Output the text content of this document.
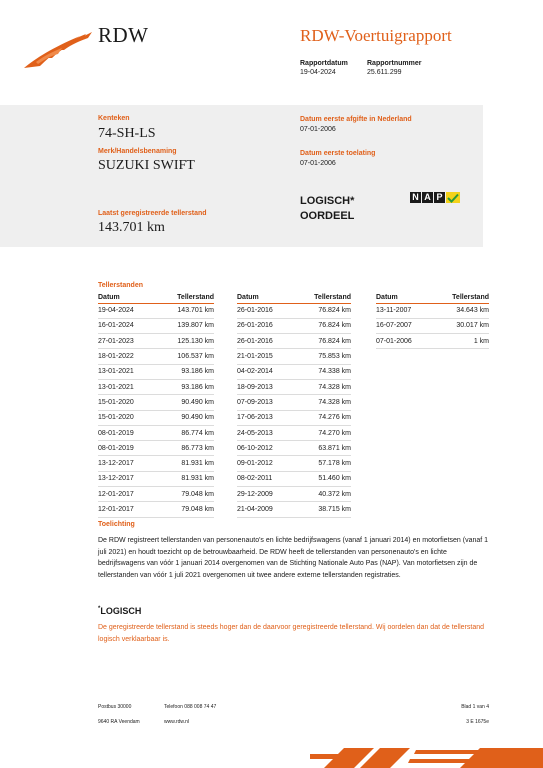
RDW	RDW-Voertuigrapport
Rapportdatum
19-04-2024
Rapportnummer
25.611.299
Kenteken
74-SH-LS
Merk/Handelsbenaming
SUZUKI SWIFT
Laatst geregistreerde tellerstand
143.701 km
Datum eerste afgifte in Nederland
07-01-2006
Datum eerste toelating
07-01-2006
LOGISCH*
OORDEEL
N A P
Tellerstanden
Datum	Tellerstand
19-04-2024	143.701 km
16-01-2024	139.807 km
27-01-2023	125.130 km
18-01-2022	106.537 km
13-01-2021	93.186 km
13-01-2021	93.186 km
15-01-2020	90.490 km
15-01-2020	90.490 km
08-01-2019	86.774 km
08-01-2019	86.773 km
13-12-2017	81.931 km
13-12-2017	81.931 km
12-01-2017	79.048 km
12-01-2017	79.048 km
Datum	Tellerstand
26-01-2016	76.824 km
26-01-2016	76.824 km
26-01-2016	76.824 km
21-01-2015	75.853 km
04-02-2014	74.338 km
18-09-2013	74.328 km
07-09-2013	74.328 km
17-06-2013	74.276 km
24-05-2013	74.270 km
06-10-2012	63.871 km
09-01-2012	57.178 km
08-02-2011	51.460 km
29-12-2009	40.372 km
21-04-2009	38.715 km
Datum	Tellerstand
13-11-2007	34.643 km
16-07-2007	30.017 km
07-01-2006	1 km
Toelichting
De RDW registreert tellerstanden van personenauto's en lichte bedrijfswagens (vanaf 1 januari 2014) en motorfietsen (vanaf 1 juli 2021) en houdt toezicht op de betrouwbaarheid. De RDW heeft de tellerstanden van personenauto's en lichte bedrijfswagens van vóór 1 januari 2014 overgenomen van de Stichting Nationale Auto Pas (NAP). Van motorfietsen zijn de tellerstanden van vóór 1 juli 2021 overgenomen uit twee andere externe tellerstanden registraties.
*LOGISCH
De geregistreerde tellerstand is steeds hoger dan de daarvoor geregistreerde tellerstand. Wij oordelen dan dat de tellerstand logisch verklaarbaar is.
Postbus 30000
9640 RA Veendam
Telefoon 088 008 74 47
www.rdw.nl
Blad 1 van 4
3 E 1675e
